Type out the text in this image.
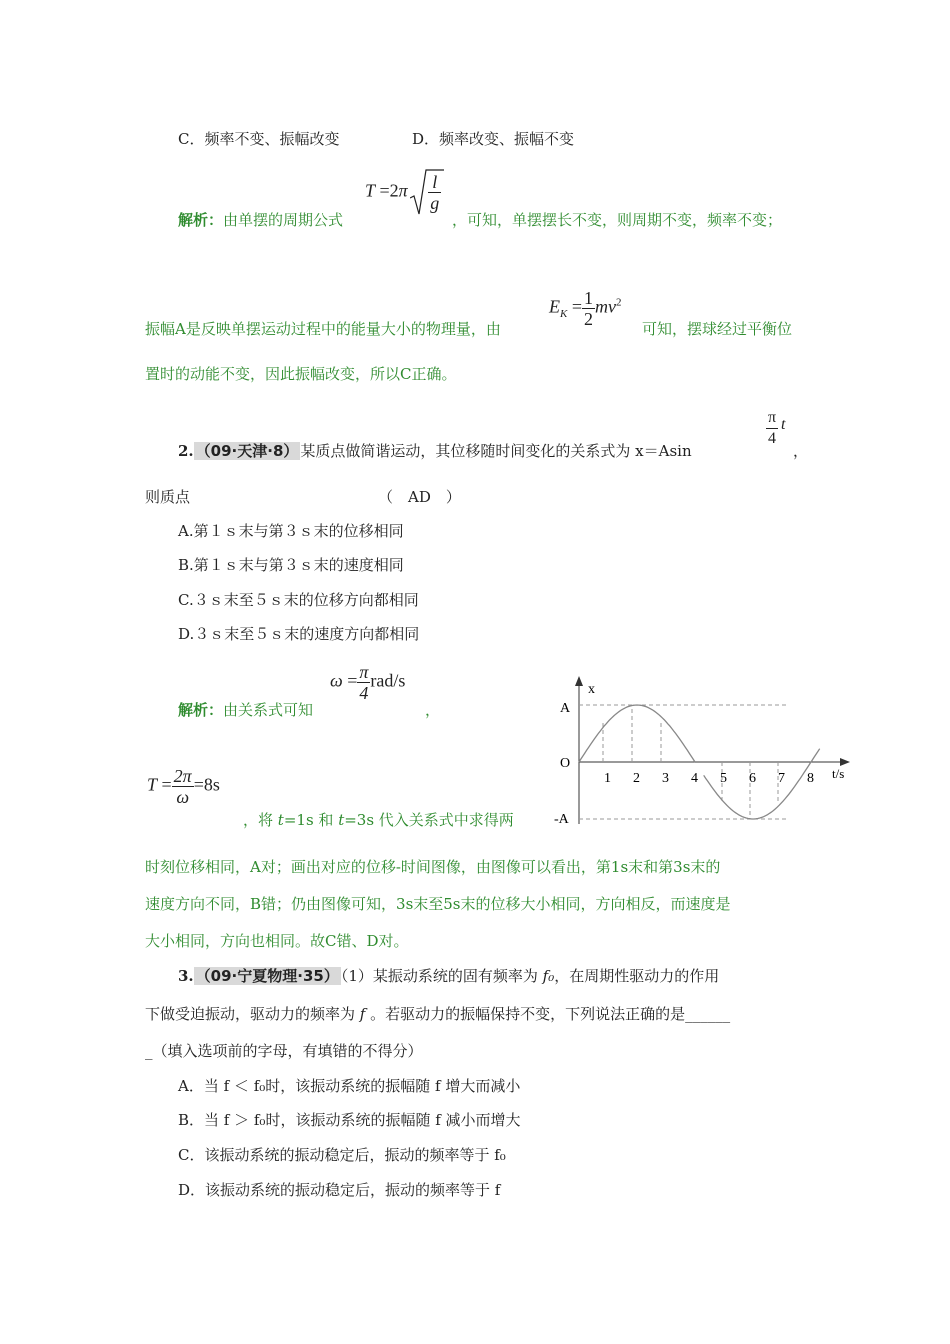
C．频率不变、振幅改变	D．频率改变、振幅不变
解析：由单摆的周期公式
$T =2\pi \frac{l}{g}$
，可知，单摆摆长不变，则周期不变，频率不变；
振幅A是反映单摆运动过程中的能量大小的物理量，由
$E_K = \frac{1}{2} mv^2$
可知，摆球经过平衡位
置时的动能不变，因此振幅改变，所以C正确。
2. （09·天津·8） 某质点做简谐运动，其位移随时间变化的关系式为 x＝Asin
$\frac{\pi}{4}$ t
，
则质点	（　AD　）
A.第１ｓ末与第３ｓ末的位移相同
B.第１ｓ末与第３ｓ末的速度相同
C.３ｓ末至５ｓ末的位移方向都相同
D.３ｓ末至５ｓ末的速度方向都相同
解析：由关系式可知
$\omega = \frac{\pi}{4} rad/s$
，
$T = \frac{2\pi}{\omega} =8s$
，将 t=1s 和 t=3s 代入关系式中求得两
时刻位移相同，A对；画出对应的位移-时间图像，由图像可以看出，第1s末和第3s末的
速度方向不同，B错；仍由图像可知，3s末至5s末的位移大小相同，方向相反，而速度是
大小相同，方向也相同。故C错、D对。
x
A
O
-A
t/s
1 2 3 4 5 6 7 8
3. （09·宁夏物理·35） （1）某振动系统的固有频率为 f₀，在周期性驱动力的作用
下做受迫振动，驱动力的频率为 f 。若驱动力的振幅保持不变，下列说法正确的是______
_（填入选项前的字母，有填错的不得分）
A．当 f ＜ f₀时，该振动系统的振幅随 f 增大而减小
B．当 f ＞ f₀时，该振动系统的振幅随 f 减小而增大
C．该振动系统的振动稳定后，振动的频率等于 f₀
D．该振动系统的振动稳定后，振动的频率等于 f
